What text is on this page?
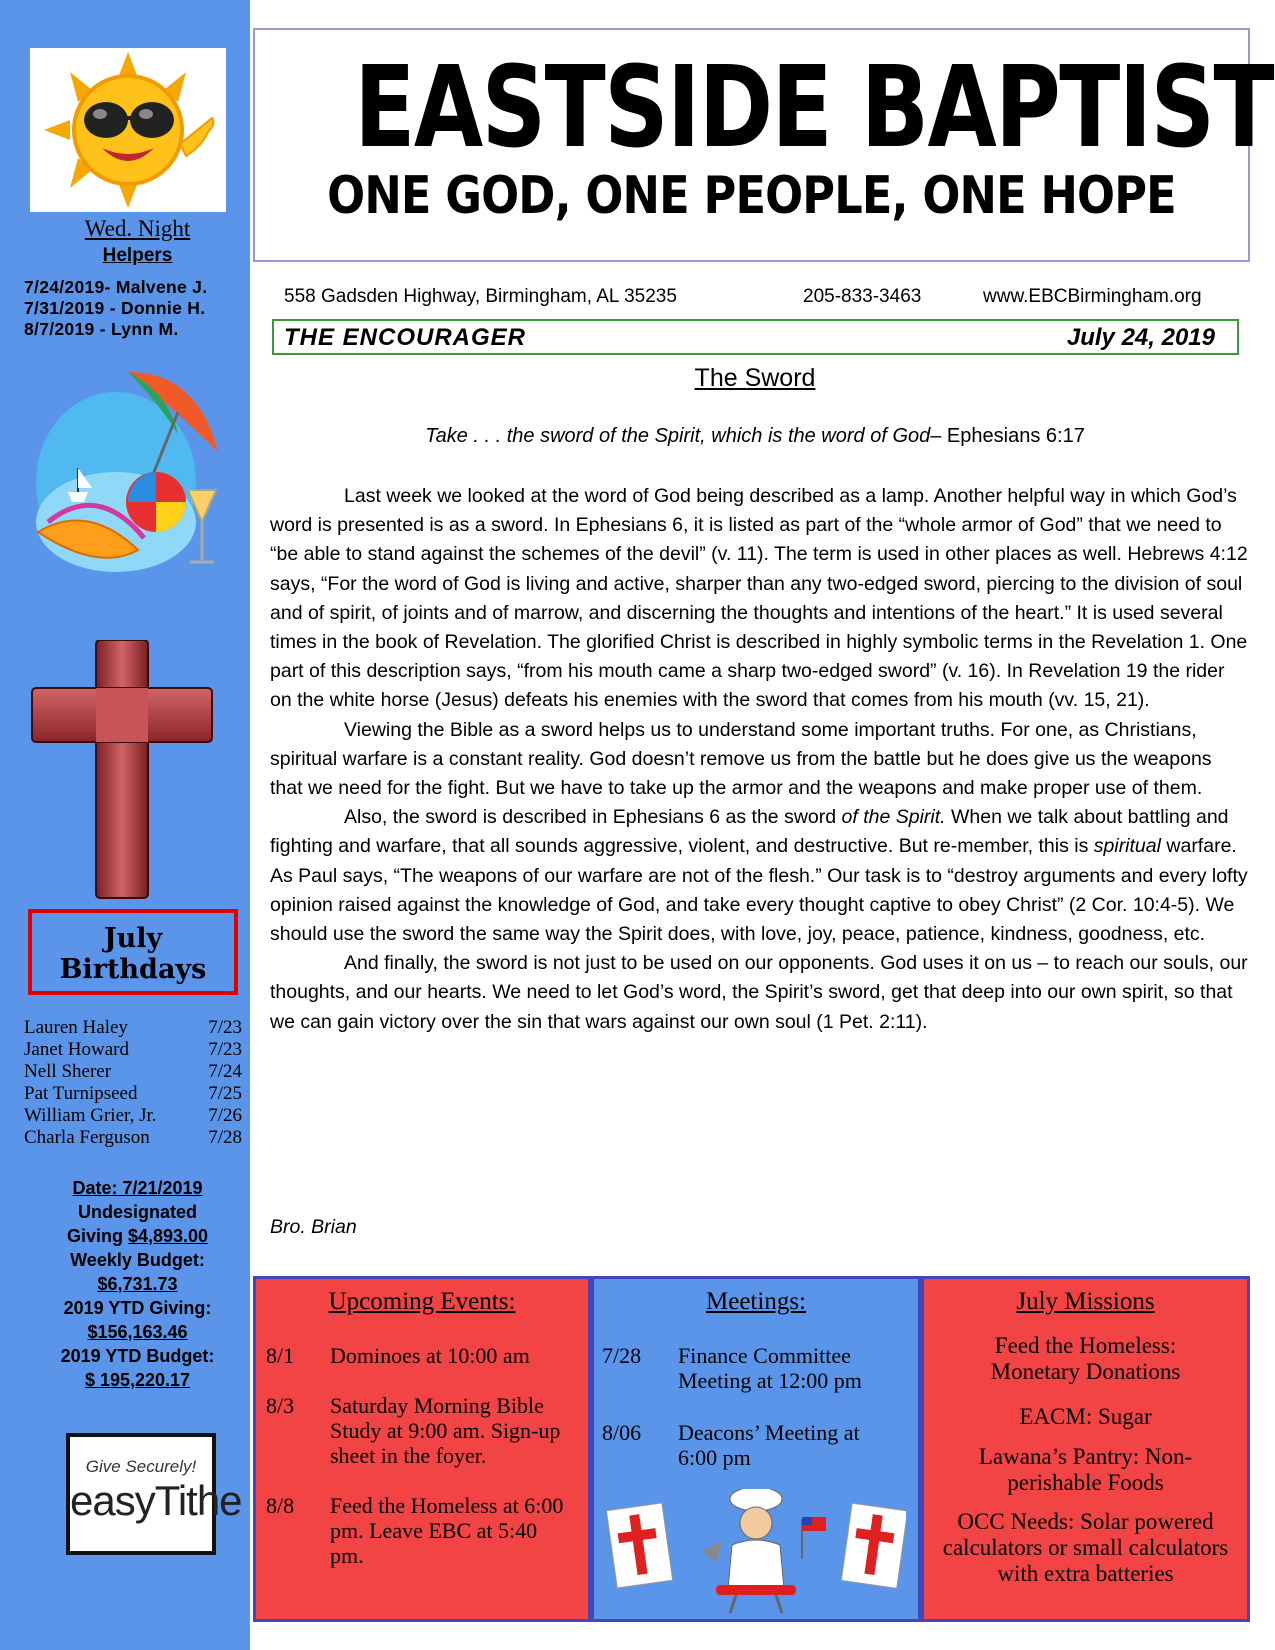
Wed. Night
Helpers
7/24/2019- Malvene J.
7/31/2019 - Donnie H.
8/7/2019 - Lynn M.
July
Birthdays
Lauren Haley	7/23
Janet Howard	7/23
Nell Sherer	7/24
Pat Turnipseed	7/25
William Grier, Jr.	7/26
Charla Ferguson	7/28
Date: 7/21/2019
Undesignated
Giving $4,893.00
Weekly Budget:
$6,731.73
2019 YTD Giving:
$156,163.46
2019 YTD Budget:
$ 195,220.17
Give Securely!
easyTithe
EASTSIDE BAPTIST
ONE GOD, ONE PEOPLE, ONE HOPE
558 Gadsden Highway, Birmingham, AL 35235	205-833-3463	www.EBCBirmingham.org
THE ENCOURAGER	July 24, 2019
The Sword
Take . . . the sword of the Spirit, which is the word of God– Ephesians 6:17

Last week we looked at the word of God being described as a lamp. Another helpful way in which God’s word is presented is as a sword. In Ephesians 6, it is listed as part of the “whole armor of God” that we need to “be able to stand against the schemes of the devil” (v. 11). The term is used in other places as well. Hebrews 4:12 says, “For the word of God is living and active, sharper than any two-edged sword, piercing to the division of soul and of spirit, of joints and of marrow, and discerning the thoughts and intentions of the heart.” It is used several times in the book of Revelation. The glorified Christ is described in highly symbolic terms in the Revelation 1. One part of this description says, “from his mouth came a sharp two-edged sword” (v. 16). In Revelation 19 the rider on the white horse (Jesus) defeats his enemies with the sword that comes from his mouth (vv. 15, 21).

Viewing the Bible as a sword helps us to understand some important truths. For one, as Christians, spiritual warfare is a constant reality. God doesn’t remove us from the battle but he does give us the weapons that we need for the fight. But we have to take up the armor and the weapons and make proper use of them.

Also, the sword is described in Ephesians 6 as the sword of the Spirit. When we talk about battling and fighting and warfare, that all sounds aggressive, violent, and destructive. But re-member, this is spiritual warfare. As Paul says, “The weapons of our warfare are not of the flesh.” Our task is to “destroy arguments and every lofty opinion raised against the knowledge of God, and take every thought captive to obey Christ” (2 Cor. 10:4-5). We should use the sword the same way the Spirit does, with love, joy, peace, patience, kindness, goodness, etc.

And finally, the sword is not just to be used on our opponents. God uses it on us – to reach our souls, our thoughts, and our hearts. We need to let God’s word, the Spirit’s sword, get that deep into our own spirit, so that we can gain victory over the sin that wars against our own soul (1 Pet. 2:11).

Bro. Brian
Upcoming Events:
8/1 Dominoes at 10:00 am
8/3 Saturday Morning Bible Study at 9:00 am. Sign-up sheet in the foyer.
8/8 Feed the Homeless at 6:00 pm. Leave EBC at 5:40 pm.
Meetings:
7/28 Finance Committee Meeting at 12:00 pm
8/06 Deacons’ Meeting at 6:00 pm
July Missions
Feed the Homeless: Monetary Donations
EACM: Sugar
Lawana’s Pantry: Non-perishable Foods
OCC Needs: Solar powered calculators or small calculators with extra batteries
